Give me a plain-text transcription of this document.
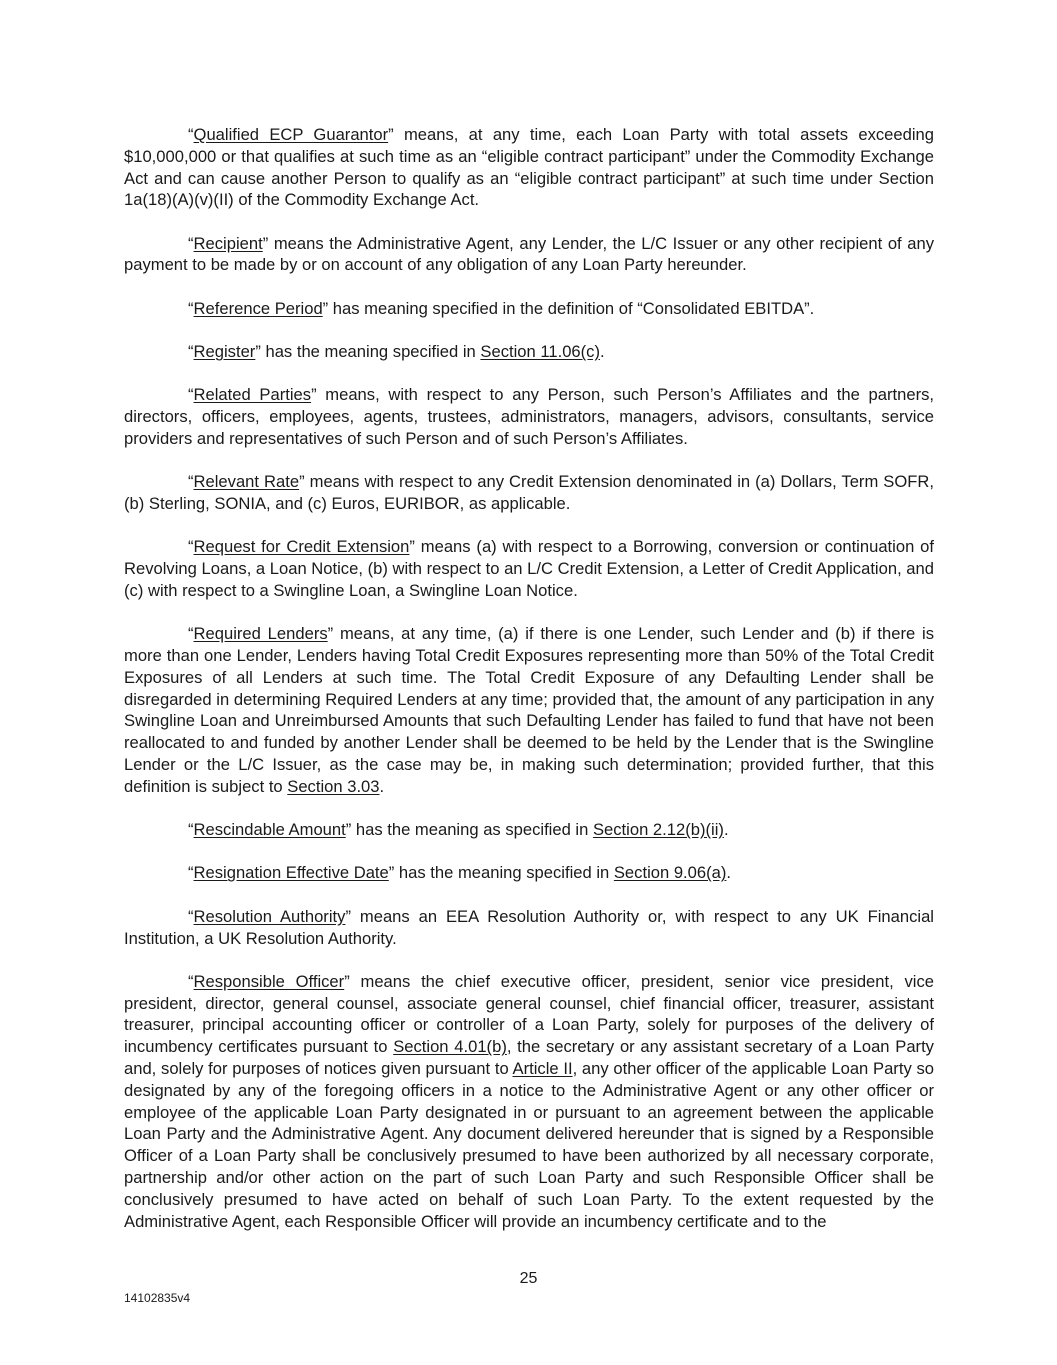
“Qualified ECP Guarantor” means, at any time, each Loan Party with total assets exceeding $10,000,000 or that qualifies at such time as an “eligible contract participant” under the Commodity Exchange Act and can cause another Person to qualify as an “eligible contract participant” at such time under Section 1a(18)(A)(v)(II) of the Commodity Exchange Act.

“Recipient” means the Administrative Agent, any Lender, the L/C Issuer or any other recipient of any payment to be made by or on account of any obligation of any Loan Party hereunder.

“Reference Period” has meaning specified in the definition of “Consolidated EBITDA”.

“Register” has the meaning specified in Section 11.06(c).

“Related Parties” means, with respect to any Person, such Person’s Affiliates and the partners, directors, officers, employees, agents, trustees, administrators, managers, advisors, consultants, service providers and representatives of such Person and of such Person’s Affiliates.

“Relevant Rate” means with respect to any Credit Extension denominated in (a) Dollars, Term SOFR, (b) Sterling, SONIA, and (c) Euros, EURIBOR, as applicable.

“Request for Credit Extension” means (a) with respect to a Borrowing, conversion or continuation of Revolving Loans, a Loan Notice, (b) with respect to an L/C Credit Extension, a Letter of Credit Application, and (c) with respect to a Swingline Loan, a Swingline Loan Notice.

“Required Lenders” means, at any time, (a) if there is one Lender, such Lender and (b) if there is more than one Lender, Lenders having Total Credit Exposures representing more than 50% of the Total Credit Exposures of all Lenders at such time. The Total Credit Exposure of any Defaulting Lender shall be disregarded in determining Required Lenders at any time; provided that, the amount of any participation in any Swingline Loan and Unreimbursed Amounts that such Defaulting Lender has failed to fund that have not been reallocated to and funded by another Lender shall be deemed to be held by the Lender that is the Swingline Lender or the L/C Issuer, as the case may be, in making such determination; provided further, that this definition is subject to Section 3.03.

“Rescindable Amount” has the meaning as specified in Section 2.12(b)(ii).

“Resignation Effective Date” has the meaning specified in Section 9.06(a).

“Resolution Authority” means an EEA Resolution Authority or, with respect to any UK Financial Institution, a UK Resolution Authority.

“Responsible Officer” means the chief executive officer, president, senior vice president, vice president, director, general counsel, associate general counsel, chief financial officer, treasurer, assistant treasurer, principal accounting officer or controller of a Loan Party, solely for purposes of the delivery of incumbency certificates pursuant to Section 4.01(b), the secretary or any assistant secretary of a Loan Party and, solely for purposes of notices given pursuant to Article II, any other officer of the applicable Loan Party so designated by any of the foregoing officers in a notice to the Administrative Agent or any other officer or employee of the applicable Loan Party designated in or pursuant to an agreement between the applicable Loan Party and the Administrative Agent. Any document delivered hereunder that is signed by a Responsible Officer of a Loan Party shall be conclusively presumed to have been authorized by all necessary corporate, partnership and/or other action on the part of such Loan Party and such Responsible Officer shall be conclusively presumed to have acted on behalf of such Loan Party. To the extent requested by the Administrative Agent, each Responsible Officer will provide an incumbency certificate and to the

25
14102835v4
